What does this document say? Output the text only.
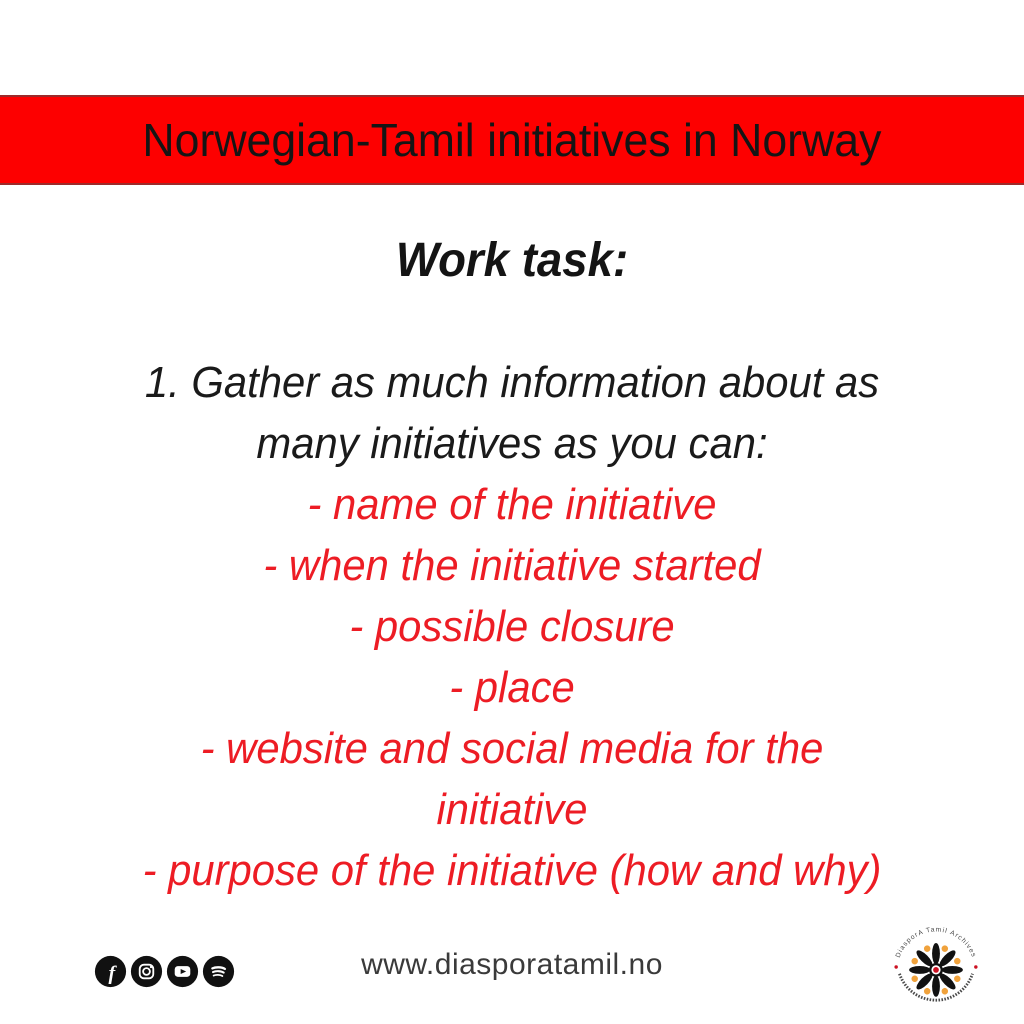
Norwegian-Tamil initiatives in Norway
Work task:
1. Gather as much information about as
many initiatives as you can:
- name of the initiative
- when the initiative started
- possible closure
- place
- website and social media for the
initiative
- purpose of the initiative (how and why)
f	www.diasporatamil.no	DiasporA Tamil Archives
